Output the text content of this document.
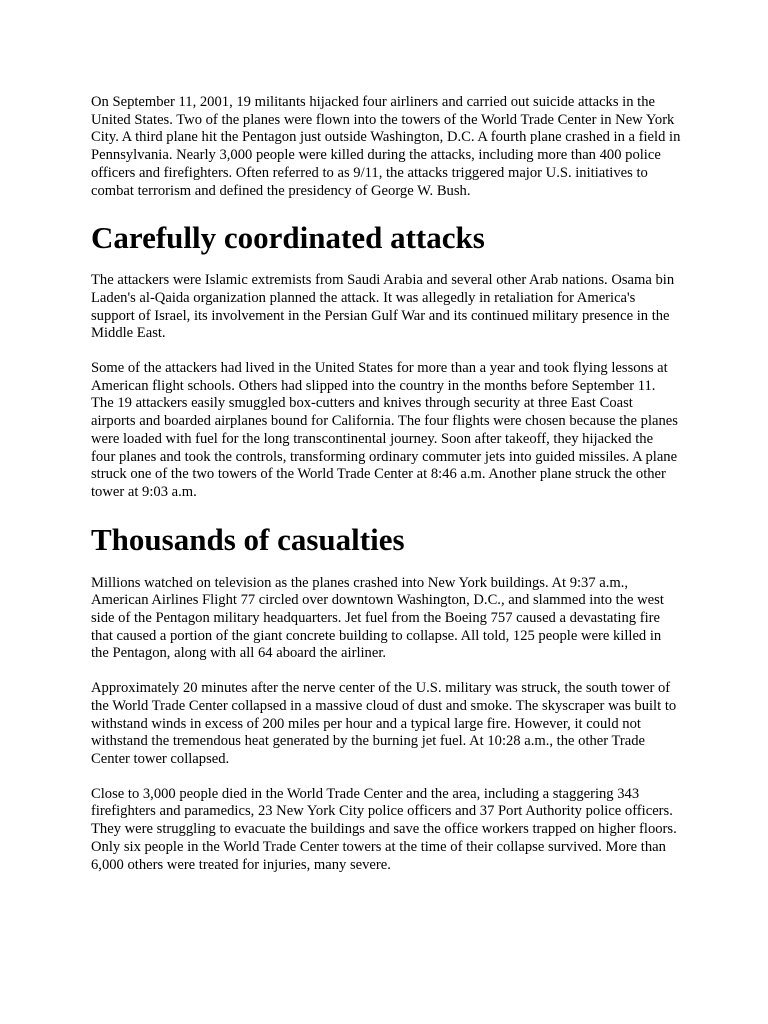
On September 11, 2001, 19 militants hijacked four airliners and carried out suicide attacks in the United States. Two of the planes were flown into the towers of the World Trade Center in New York City. A third plane hit the Pentagon just outside Washington, D.C. A fourth plane crashed in a field in Pennsylvania. Nearly 3,000 people were killed during the attacks, including more than 400 police officers and firefighters. Often referred to as 9/11, the attacks triggered major U.S. initiatives to combat terrorism and defined the presidency of George W. Bush.

Carefully coordinated attacks

The attackers were Islamic extremists from Saudi Arabia and several other Arab nations. Osama bin Laden's al-Qaida organization planned the attack. It was allegedly in retaliation for America's support of Israel, its involvement in the Persian Gulf War and its continued military presence in the Middle East.

Some of the attackers had lived in the United States for more than a year and took flying lessons at American flight schools. Others had slipped into the country in the months before September 11. The 19 attackers easily smuggled box-cutters and knives through security at three East Coast airports and boarded airplanes bound for California. The four flights were chosen because the planes were loaded with fuel for the long transcontinental journey. Soon after takeoff, they hijacked the four planes and took the controls, transforming ordinary commuter jets into guided missiles. A plane struck one of the two towers of the World Trade Center at 8:46 a.m. Another plane struck the other tower at 9:03 a.m.

Thousands of casualties

Millions watched on television as the planes crashed into New York buildings. At 9:37 a.m., American Airlines Flight 77 circled over downtown Washington, D.C., and slammed into the west side of the Pentagon military headquarters. Jet fuel from the Boeing 757 caused a devastating fire that caused a portion of the giant concrete building to collapse. All told, 125 people were killed in the Pentagon, along with all 64 aboard the airliner.

Approximately 20 minutes after the nerve center of the U.S. military was struck, the south tower of the World Trade Center collapsed in a massive cloud of dust and smoke. The skyscraper was built to withstand winds in excess of 200 miles per hour and a typical large fire. However, it could not withstand the tremendous heat generated by the burning jet fuel. At 10:28 a.m., the other Trade Center tower collapsed.

Close to 3,000 people died in the World Trade Center and the area, including a staggering 343 firefighters and paramedics, 23 New York City police officers and 37 Port Authority police officers. They were struggling to evacuate the buildings and save the office workers trapped on higher floors. Only six people in the World Trade Center towers at the time of their collapse survived. More than 6,000 others were treated for injuries, many severe.
